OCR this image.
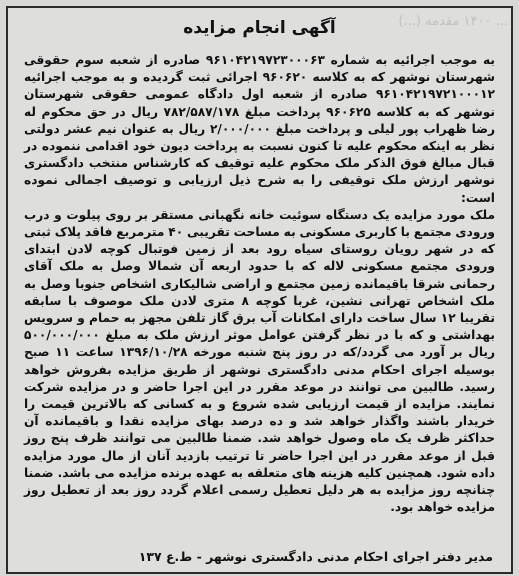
... ۱۴۰۰ مقدمه (...)
آگهی انجام مزایده

به موجب اجرائیه به شماره ۹۶۱۰۴۲۱۹۷۲۳۰۰۰۶۳ صادره از شعبه سوم حقوقی شهرستان نوشهر که به کلاسه ۹۶۰۶۲۰ اجرائی ثبت گردیده و به موجب اجرائیه ۹۶۱۰۴۲۱۹۷۲۱۰۰۰۱۲ صادره از شعبه اول دادگاه عمومی حقوقی شهرستان نوشهر که به کلاسه ۹۶۰۶۲۵ پرداخت مبلغ ۷۸۲/۵۸۷/۱۷۸ ریال در حق محکوم له رضا ظهراب پور لیلی و پرداخت مبلغ ۲/۰۰۰/۰۰۰ ریال به عنوان نیم عشر دولتی نظر به اینکه محکوم علیه تا کنون نسبت به پرداخت دیون خود اقدامی ننموده در قبال مبالغ فوق الذکر ملک محکوم علیه توقیف که کارشناس منتخب دادگستری نوشهر ارزش ملک توقیفی را به شرح ذیل ارزیابی و توصیف اجمالی نموده است:

ملک مورد مزایده یک دستگاه سوئیت خانه نگهبانی مستقر بر روی پیلوت و درب ورودی مجتمع با کاربری مسکونی به مساحت تقریبی ۴۰ مترمربع فاقد پلاک ثبتی که در شهر رویان روستای سیاه رود بعد از زمین فوتبال کوچه لادن ابتدای ورودی مجتمع مسکونی لاله که با حدود اربعه آن شمالا وصل به ملک آقای رحمانی شرقا باقیمانده زمین مجتمع و اراضی شالیکاری اشخاص جنوبا وصل به ملک اشخاص تهرانی نشین، غربا کوچه ۸ متری لادن ملک موصوف با سابقه تقریبا ۱۲ سال ساخت دارای امکانات آب برق گاز تلفن مجهز به حمام و سرویس بهداشتی و که با در نظر گرفتن عوامل موثر ارزش ملک به مبلغ ۵۰۰/۰۰۰/۰۰۰ ریال بر آورد می گردد/که در روز پنج شنبه مورخه ۱۳۹۶/۱۰/۲۸ ساعت ۱۱ صبح بوسیله اجرای احکام مدنی دادگستری نوشهر از طریق مزایده بفروش خواهد رسید. طالبین می توانند در موعد مقرر در این اجرا حاضر و در مزایده شرکت نمایند. مزایده از قیمت ارزیابی شده شروع و به کسانی که بالاترین قیمت را خریدار باشند واگذار خواهد شد و ده درصد بهای مزایده نقدا و باقیمانده آن حداکثر ظرف یک ماه وصول خواهد شد. ضمنا طالبین می توانند ظرف پنج روز قبل از موعد مقرر در این اجرا حاضر تا ترتیب بازدید آنان از مال مورد مزایده داده شود. همچنین کلیه هزینه های متعلقه به عهده برنده مزایده می باشد. ضمنا چنانچه روز مزایده به هر دلیل تعطیل رسمی اعلام گردد روز بعد از تعطیل روز مزایده خواهد بود.

مدیر دفتر اجرای احکام مدنی دادگستری نوشهر - ط.ع ۱۳۷
